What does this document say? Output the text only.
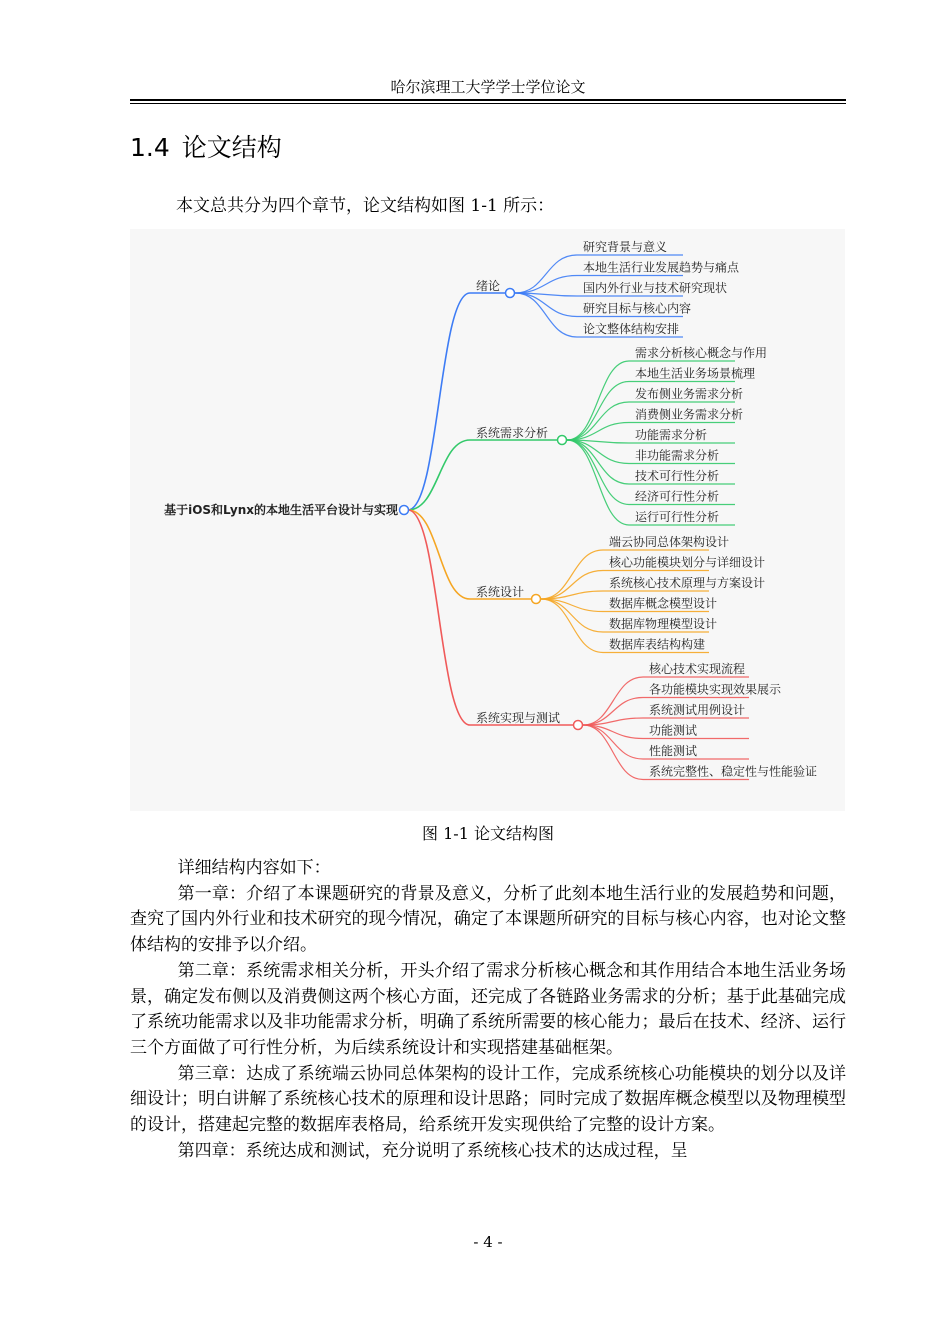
哈尔滨理工大学学士学位论文
1.4 论文结构
本文总共分为四个章节，论文结构如图 1-1 所示：
基于iOS和Lynx的本地生活平台设计与实现
绪论
研究背景与意义
本地生活行业发展趋势与痛点
国内外行业与技术研究现状
研究目标与核心内容
论文整体结构安排
系统需求分析
需求分析核心概念与作用
本地生活业务场景梳理
发布侧业务需求分析
消费侧业务需求分析
功能需求分析
非功能需求分析
技术可行性分析
经济可行性分析
运行可行性分析
系统设计
端云协同总体架构设计
核心功能模块划分与详细设计
系统核心技术原理与方案设计
数据库概念模型设计
数据库物理模型设计
数据库表结构构建
系统实现与测试
核心技术实现流程
各功能模块实现效果展示
系统测试用例设计
功能测试
性能测试
系统完整性、稳定性与性能验证
图 1-1 论文结构图

详细结构内容如下：

第一章：介绍了本课题研究的背景及意义，分析了此刻本地生活行业的发展趋势和问题，查究了国内外行业和技术研究的现今情况，确定了本课题所研究的目标与核心内容，也对论文整体结构的安排予以介绍。

第二章：系统需求相关分析，开头介绍了需求分析核心概念和其作用结合本地生活业务场景，确定发布侧以及消费侧这两个核心方面，还完成了各链路业务需求的分析；基于此基础完成了系统功能需求以及非功能需求分析，明确了系统所需要的核心能力；最后在技术、经济、运行三个方面做了可行性分析，为后续系统设计和实现搭建基础框架。

第三章：达成了系统端云协同总体架构的设计工作，完成系统核心功能模块的划分以及详细设计；明白讲解了系统核心技术的原理和设计思路；同时完成了数据库概念模型以及物理模型的设计，搭建起完整的数据库表格局，给系统开发实现供给了完整的设计方案。

第四章：系统达成和测试，充分说明了系统核心技术的达成过程，呈

- 4 -
